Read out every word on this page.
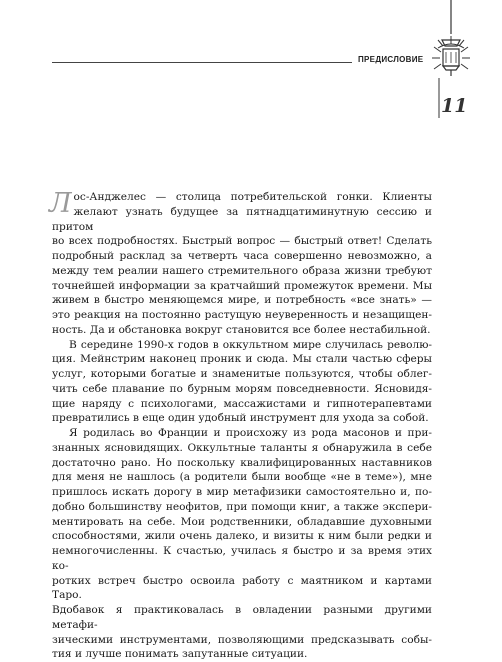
ПРЕДИСЛОВИЕ
11
Л ос-Анджелес — столица потребительской гонки. Клиенты

желают узнать будущее за пятнадцатиминутную сессию и притом

во всех подробностях. Быстрый вопрос — быстрый ответ! Сделать

подробный расклад за четверть часа совершенно невозможно, а

между тем реалии нашего стремительного образа жизни требуют

точнейшей информации за кратчайший промежуток времени. Мы

живем в быстро меняющемся мире, и потребность «все знать» —

это реакция на постоянно растущую неуверенность и незащищен-

ность. Да и обстановка вокруг становится все более нестабильной.

В середине 1990-х годов в оккультном мире случилась револю-

ция. Мейнстрим наконец проник и сюда. Мы стали частью сферы

услуг, которыми богатые и знаменитые пользуются, чтобы облег-

чить себе плавание по бурным морям повседневности. Ясновидя-

щие наряду с психологами, массажистами и гипнотерапевтами

превратились в еще один удобный инструмент для ухода за собой.

Я родилась во Франции и происхожу из рода масонов и при-

знанных ясновидящих. Оккультные таланты я обнаружила в себе

достаточно рано. Но поскольку квалифицированных наставников

для меня не нашлось (а родители были вообще «не в теме»), мне

пришлось искать дорогу в мир метафизики самостоятельно и, по-

добно большинству неофитов, при помощи книг, а также экспери-

ментировать на себе. Мои родственники, обладавшие духовными

способностями, жили очень далеко, и визиты к ним были редки и

немногочисленны. К счастью, училась я быстро и за время этих ко-

ротких встреч быстро освоила работу с маятником и картами Таро.

Вдобавок я практиковалась в овладении разными другими метафи-

зическими инструментами, позволяющими предсказывать собы-

тия и лучше понимать запутанные ситуации.
